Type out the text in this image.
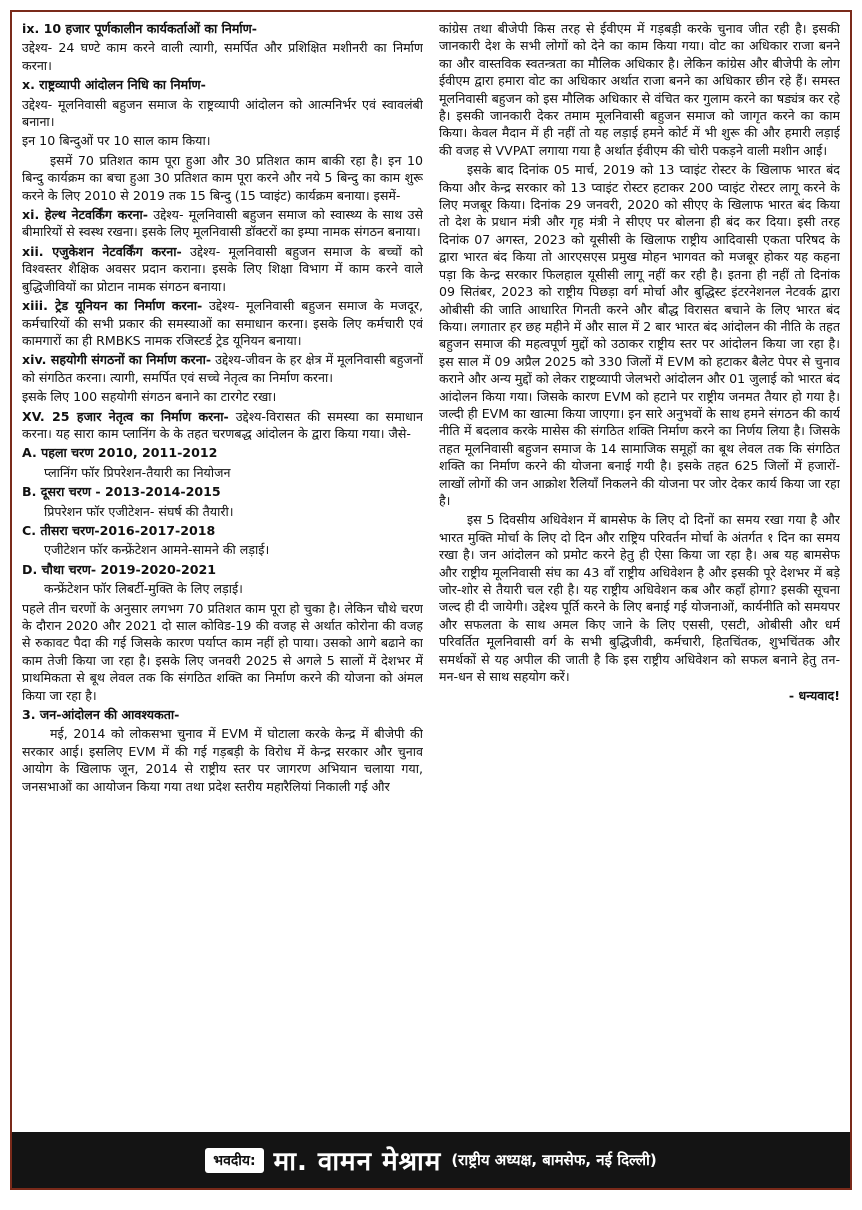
ix. 10 हजार पूर्णकालीन कार्यकर्ताओं का निर्माण-

उद्देश्य- 24 घण्टे काम करने वाली त्यागी, समर्पित और प्रशिक्षित मशीनरी का निर्माण करना।

x. राष्ट्रव्यापी आंदोलन निधि का निर्माण-

उद्देश्य- मूलनिवासी बहुजन समाज के राष्ट्रव्यापी आंदोलन को आत्मनिर्भर एवं स्वावलंबी बनाना।

इन 10 बिन्दुओं पर 10 साल काम किया।

इसमें 70 प्रतिशत काम पूरा हुआ और 30 प्रतिशत काम बाकी रहा है। इन 10 बिन्दु कार्यक्रम का बचा हुआ 30 प्रतिशत काम पूरा करने और नये 5 बिन्दु का काम शुरू करने के लिए 2010 से 2019 तक 15 बिन्दु (15 प्वाइंट) कार्यक्रम बनाया। इसमें-

xi. हेल्थ नेटवर्किंग करना- उद्देश्य- मूलनिवासी बहुजन समाज को स्वास्थ्य के साथ उसे बीमारियों से स्वस्थ रखना। इसके लिए मूलनिवासी डॉक्टरों का इम्पा नामक संगठन बनाया।

xii. एजुकेशन नेटवर्किंग करना- उद्देश्य- मूलनिवासी बहुजन समाज के बच्चों को विश्वस्तर शैक्षिक अवसर प्रदान कराना। इसके लिए शिक्षा विभाग में काम करने वाले बुद्धिजीवियों का प्रोटान नामक संगठन बनाया।

xiii. ट्रेड यूनियन का निर्माण करना- उद्देश्य- मूलनिवासी बहुजन समाज के मजदूर, कर्मचारियों की सभी प्रकार की समस्याओं का समाधान करना। इसके लिए कर्मचारी एवं कामगारों का ही RMBKS नामक रजिस्टर्ड ट्रेड यूनियन बनाया।

xiv. सहयोगी संगठनों का निर्माण करना- उद्देश्य-जीवन के हर क्षेत्र में मूलनिवासी बहुजनों को संगठित करना। त्यागी, समर्पित एवं सच्चे नेतृत्व का निर्माण करना।

इसके लिए 100 सहयोगी संगठन बनाने का टारगेट रखा।

XV. 25 हजार नेतृत्व का निर्माण करना- उद्देश्य-विरासत की समस्या का समाधान करना। यह सारा काम प्लानिंग के के तहत चरणबद्ध आंदोलन के द्वारा किया गया। जैसे-

A. पहला चरण 2010, 2011-2012

प्लानिंग फॉर प्रिपरेशन-तैयारी का नियोजन

B. दूसरा चरण - 2013-2014-2015

प्रिपरेशन फॉर एजीटेशन- संघर्ष की तैयारी।

C. तीसरा चरण-2016-2017-2018

एजीटेशन फॉर कन्फ्रेंटेशन आमने-सामने की लड़ाई।

D. चौथा चरण- 2019-2020-2021

कन्फ्रेंटेशन फॉर लिबर्टी-मुक्ति के लिए लड़ाई।

पहले तीन चरणों के अनुसार लगभग 70 प्रतिशत काम पूरा हो चुका है। लेकिन चौथे चरण के दौरान 2020 और 2021 दो साल कोविड-19 की वजह से अर्थात कोरोना की वजह से रुकावट पैदा की गई जिसके कारण पर्याप्त काम नहीं हो पाया। उसको आगे बढाने का काम तेजी किया जा रहा है। इसके लिए जनवरी 2025 से अगले 5 सालों में देशभर में प्राथमिकता से बूथ लेवल तक कि संगठित शक्ति का निर्माण करने की योजना को अंमल किया जा रहा है।

3. जन-आंदोलन की आवश्यकता-

मई, 2014 को लोकसभा चुनाव में EVM में घोटाला करके केन्द्र में बीजेपी की सरकार आई। इसलिए EVM में की गई गड़बड़ी के विरोध में केन्द्र सरकार और चुनाव आयोग के खिलाफ जून, 2014 से राष्ट्रीय स्तर पर जागरण अभियान चलाया गया, जनसभाओं का आयोजन किया गया तथा प्रदेश स्तरीय महारैलियां निकाली गई और

कांग्रेस तथा बीजेपी किस तरह से ईवीएम में गड़बड़ी करके चुनाव जीत रही है। इसकी जानकारी देश के सभी लोगों को देने का काम किया गया। वोट का अधिकार राजा बनने का और वास्तविक स्वतन्त्रता का मौलिक अधिकार है। लेकिन कांग्रेस और बीजेपी के लोग ईवीएम द्वारा हमारा वोट का अधिकार अर्थात राजा बनने का अधिकार छीन रहे हैं। समस्त मूलनिवासी बहुजन को इस मौलिक अधिकार से वंचित कर गुलाम करने का षड्यंत्र कर रहे है। इसकी जानकारी देकर तमाम मूलनिवासी बहुजन समाज को जागृत करने का काम किया। केवल मैदान में ही नहीं तो यह लड़ाई हमने कोर्ट में भी शुरू की और हमारी लड़ाई की वजह से VVPAT लगाया गया है अर्थात ईवीएम की चोरी पकड़ने वाली मशीन आई।

इसके बाद दिनांक 05 मार्च, 2019 को 13 प्वाइंट रोस्टर के खिलाफ भारत बंद किया और केन्द्र सरकार को 13 प्वाइंट रोस्टर हटाकर 200 प्वाइंट रोस्टर लागू करने के लिए मजबूर किया। दिनांक 29 जनवरी, 2020 को सीएए के खिलाफ भारत बंद किया तो देश के प्रधान मंत्री और गृह मंत्री ने सीएए पर बोलना ही बंद कर दिया। इसी तरह दिनांक 07 अगस्त, 2023 को यूसीसी के खिलाफ राष्ट्रीय आदिवासी एकता परिषद के द्वारा भारत बंद किया तो आरएसएस प्रमुख मोहन भागवत को मजबूर होकर यह कहना पड़ा कि केन्द्र सरकार फिलहाल यूसीसी लागू नहीं कर रही है। इतना ही नहीं तो दिनांक 09 सितंबर, 2023 को राष्ट्रीय पिछड़ा वर्ग मोर्चा और बुद्धिस्ट इंटरनेशनल नेटवर्क द्वारा ओबीसी की जाति आधारित गिनती करने और बौद्ध विरासत बचाने के लिए भारत बंद किया। लगातार हर छह महीने में और साल में 2 बार भारत बंद आंदोलन की नीति के तहत बहुजन समाज की महत्वपूर्ण मुद्दों को उठाकर राष्ट्रीय स्तर पर आंदोलन किया जा रहा है। इस साल में 09 अप्रैल 2025 को 330 जिलों में EVM को हटाकर बैलेट पेपर से चुनाव कराने और अन्य मुद्दों को लेकर राष्ट्रव्यापी जेलभरो आंदोलन और 01 जुलाई को भारत बंद आंदोलन किया गया। जिसके कारण EVM को हटाने पर राष्ट्रीय जनमत तैयार हो गया है। जल्दी ही EVM का खात्मा किया जाएगा। इन सारे अनुभवों के साथ हमने संगठन की कार्य नीति में बदलाव करके मासेस की संगठित शक्ति निर्माण करने का निर्णय लिया है। जिसके तहत मूलनिवासी बहुजन समाज के 14 सामाजिक समूहों का बूथ लेवल तक कि संगठित शक्ति का निर्माण करने की योजना बनाई गयी है। इसके तहत 625 जिलों में हजारों-लाखों लोगों की जन आक्रोश रैलियाँ निकलने की योजना पर जोर देकर कार्य किया जा रहा है।

इस 5 दिवसीय अधिवेशन में बामसेफ के लिए दो दिनों का समय रखा गया है और भारत मुक्ति मोर्चा के लिए दो दिन और राष्ट्रिय परिवर्तन मोर्चा के अंतर्गत १ दिन का समय रखा है। जन आंदोलन को प्रमोट करने हेतु ही ऐसा किया जा रहा है। अब यह बामसेफ और राष्ट्रीय मूलनिवासी संघ का 43 वाँ राष्ट्रीय अधिवेशन है और इसकी पूरे देशभर में बड़े जोर-शोर से तैयारी चल रही है। यह राष्ट्रीय अधिवेशन कब और कहाँ होगा? इसकी सूचना जल्द ही दी जायेगी। उद्देश्य पूर्ति करने के लिए बनाई गई योजनाओं, कार्यनीति को समयपर और सफलता के साथ अमल किए जाने के लिए एससी, एसटी, ओबीसी और धर्म परिवर्तित मूलनिवासी वर्ग के सभी बुद्धिजीवी, कर्मचारी, हितचिंतक, शुभचिंतक और समर्थकों से यह अपील की जाती है कि इस राष्ट्रीय अधिवेशन को सफल बनाने हेतु तन-मन-धन से साथ सहयोग करें।

- धन्यवाद!

भवदीय: मा. वामन मेश्राम (राष्ट्रीय अध्यक्ष, बामसेफ, नई दिल्ली)
